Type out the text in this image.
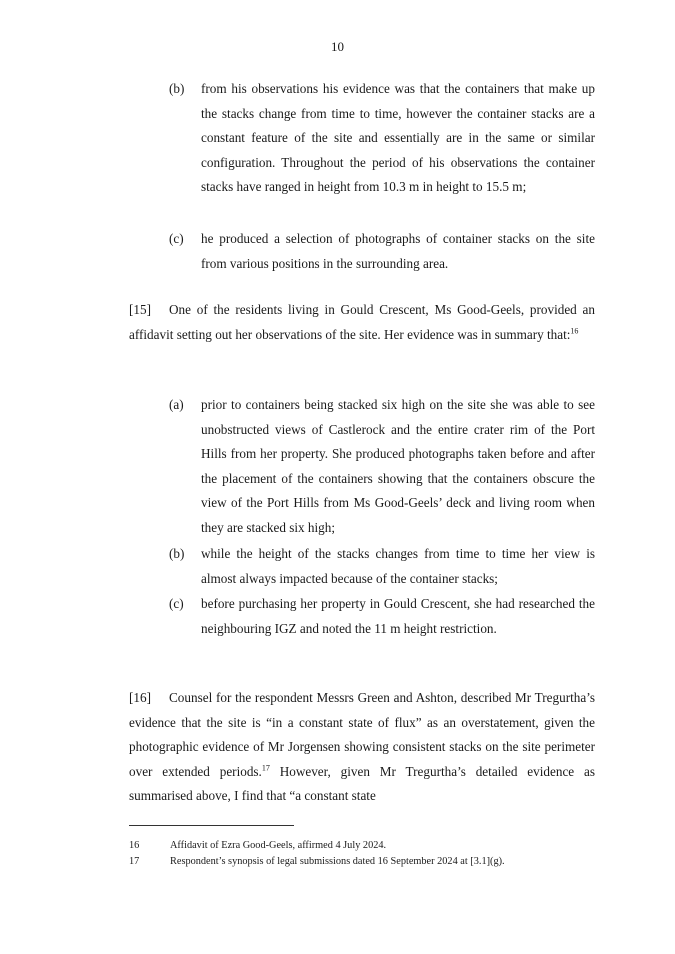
10
(b) from his observations his evidence was that the containers that make up the stacks change from time to time, however the container stacks are a constant feature of the site and essentially are in the same or similar configuration. Throughout the period of his observations the container stacks have ranged in height from 10.3 m in height to 15.5 m;
(c) he produced a selection of photographs of container stacks on the site from various positions in the surrounding area.
[15] One of the residents living in Gould Crescent, Ms Good-Geels, provided an affidavit setting out her observations of the site. Her evidence was in summary that:$^{16}$
(a) prior to containers being stacked six high on the site she was able to see unobstructed views of Castlerock and the entire crater rim of the Port Hills from her property. She produced photographs taken before and after the placement of the containers showing that the containers obscure the view of the Port Hills from Ms Good-Geels’ deck and living room when they are stacked six high;
(b) while the height of the stacks changes from time to time her view is almost always impacted because of the container stacks;
(c) before purchasing her property in Gould Crescent, she had researched the neighbouring IGZ and noted the 11 m height restriction.
[16] Counsel for the respondent Messrs Green and Ashton, described Mr Tregurtha’s evidence that the site is “in a constant state of flux” as an overstatement, given the photographic evidence of Mr Jorgensen showing consistent stacks on the site perimeter over extended periods.$^{17}$ However, given Mr Tregurtha’s detailed evidence as summarised above, I find that “a constant state
16	Affidavit of Ezra Good-Geels, affirmed 4 July 2024.
17	Respondent’s synopsis of legal submissions dated 16 September 2024 at [3.1](g).
